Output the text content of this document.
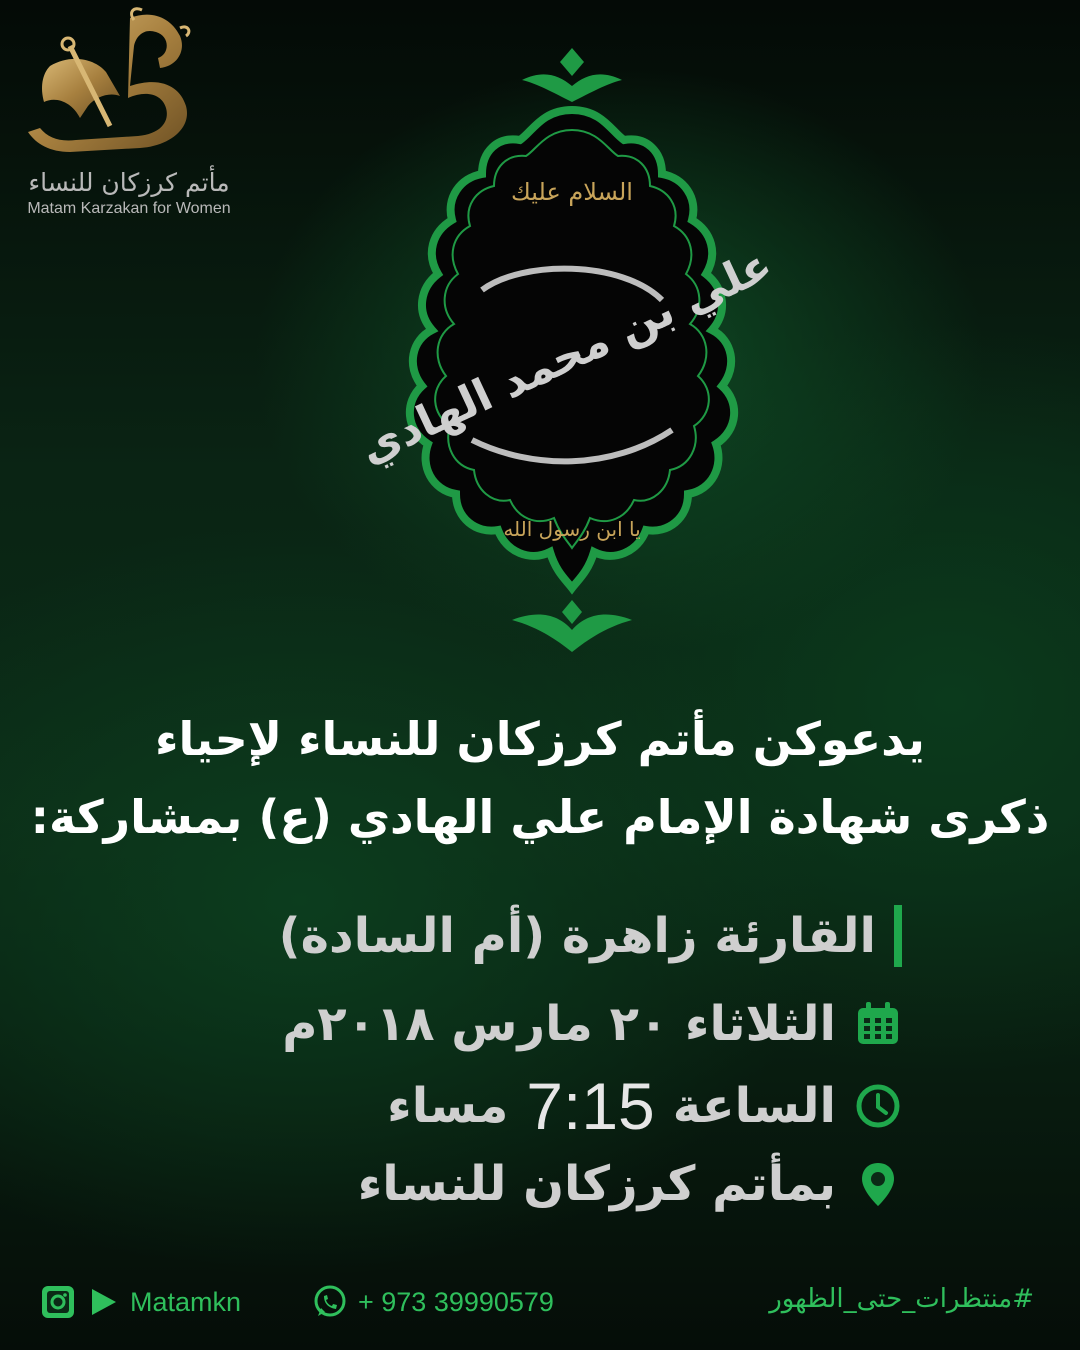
مأتم كرزكان للنساء
Matam Karzakan for Women
السلام عليك
علي بن محمد الهادي
يا ابن رسول الله
يدعوكن مأتم كرزكان للنساء لإحياء
ذكرى شهادة الإمام علي الهادي (ع) بمشاركة:
القارئة زاهرة (أم السادة)
الثلاثاء ٢٠ مارس ٢٠١٨م
الساعة
7:15
مساء
بمأتم كرزكان للنساء
Matamkn	+ 973 39990579	#منتظرات_حتى_الظهور
